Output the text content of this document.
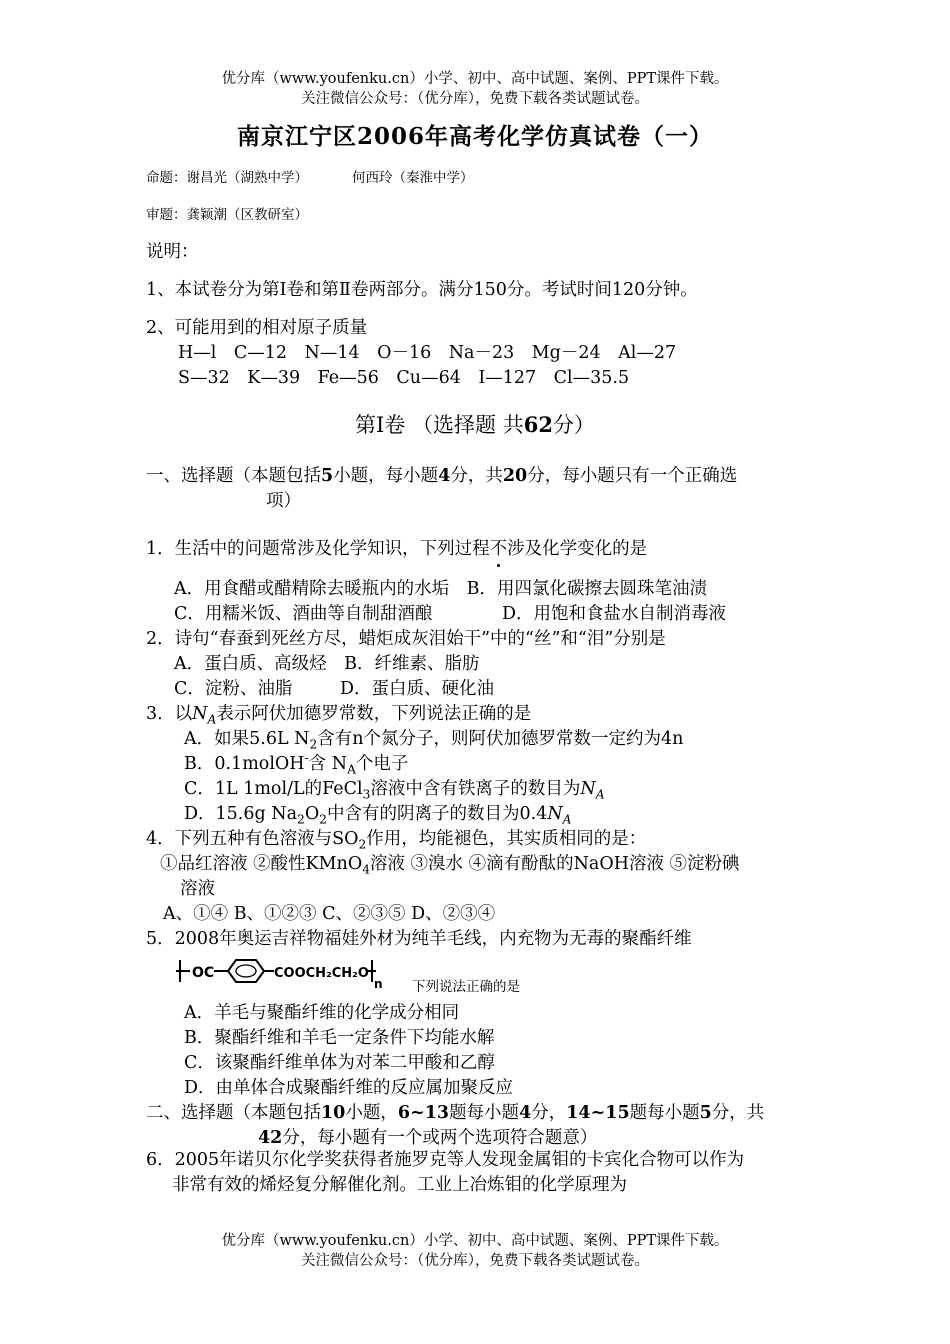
优分库（www.youfenku.cn）小学、初中、高中试题、案例、PPT课件下载。
关注微信公众号：（优分库），免费下载各类试题试卷。
南京江宁区2006年高考化学仿真试卷（一）
命题：谢昌光（湖熟中学）	何西玲（秦淮中学）
审题：龚颖潮（区教研室）
说明：
1、本试卷分为第Ⅰ卷和第Ⅱ卷两部分。满分150分。考试时间120分钟。
2、可能用到的相对原子质量
H—l　C—12　N—14　O－16　Na－23　Mg－24　Al—27
S—32　K—39　Fe—56　Cu—64　I—127　Cl—35.5
第Ⅰ卷 （选择题 共62分）
一、选择题（本题包括5小题，每小题4分，共20分，每小题只有一个正确选
项）
1．生活中的问题常涉及化学知识，下列过程不涉及化学变化的是
A．用食醋或醋精除去暖瓶内的水垢　B．用四氯化碳擦去圆珠笔油渍
C．用糯米饭、酒曲等自制甜酒酿	D．用饱和食盐水自制消毒液
2．诗句“春蚕到死丝方尽，蜡炬成灰泪始干”中的“丝”和“泪”分别是
A．蛋白质、高级烃　B．纤维素、脂肪
C．淀粉、油脂	D．蛋白质、硬化油
3．以$N_A$表示阿伏加德罗常数，下列说法正确的是
A．如果5.6L $N_2$含有n个氮分子，则阿伏加德罗常数一定约为4n
B．0.1molOH-含 $N_A$个电子
C．1L 1mol/L的FeCl$_3$溶液中含有铁离子的数目为$N_A$
D．15.6g $Na_2O_2$中含有的阴离子的数目为$0.4N_A$
4．下列五种有色溶液与$SO_2$作用，均能褪色，其实质相同的是：
①品红溶液 ②酸性KMnO$_4$溶液 ③溴水 ④滴有酚酞的NaOH溶液 ⑤淀粉碘
溶液
A、①④ B、①②③ C、②③⑤ D、②③④
5．2008年奥运吉祥物福娃外材为纯羊毛线，内充物为无毒的聚酯纤维
OC	COOCH₂CH₂O
n 下列说法正确的是
A．羊毛与聚酯纤维的化学成分相同
B．聚酯纤维和羊毛一定条件下均能水解
C．该聚酯纤维单体为对苯二甲酸和乙醇
D．由单体合成聚酯纤维的反应属加聚反应
二、选择题（本题包括10小题，6~13题每小题4分，14~15题每小题5分，共
42分，每小题有一个或两个选项符合题意）
6．2005年诺贝尔化学奖获得者施罗克等人发现金属钼的卡宾化合物可以作为
非常有效的烯烃复分解催化剂。工业上冶炼钼的化学原理为
优分库（www.youfenku.cn）小学、初中、高中试题、案例、PPT课件下载。
关注微信公众号：（优分库），免费下载各类试题试卷。
